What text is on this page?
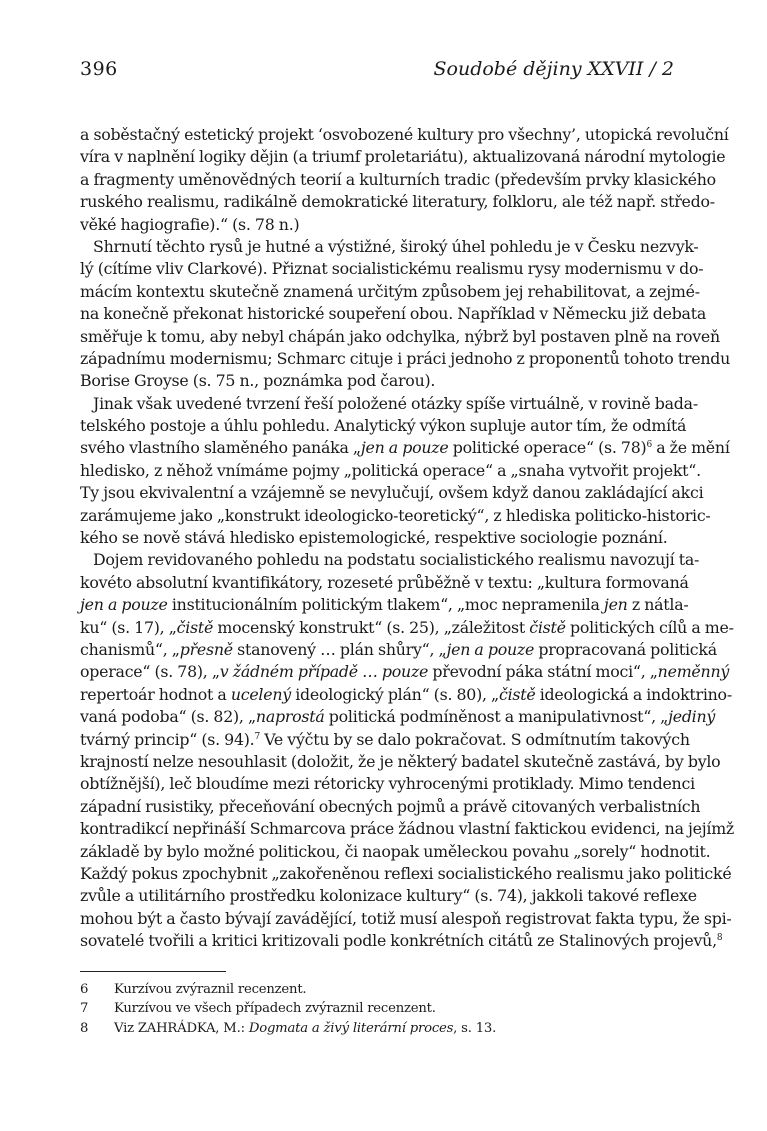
396	Soudobé dějiny XXVII / 2
a soběstačný estetický projekt ‘osvobozené kultury pro všechny’, utopická revoluční
víra v naplnění logiky dějin (a triumf proletariátu), aktualizovaná národní mytologie
a fragmenty uměnovědných teorií a kulturních tradic (především prvky klasického
ruského realismu, radikálně demokratické literatury, folkloru, ale též např. středo-
věké hagiografie).“ (s. 78 n.)
Shrnutí těchto rysů je hutné a výstižné, široký úhel pohledu je v Česku nezvyk-
lý (cítíme vliv Clarkové). Přiznat socialistickému realismu rysy modernismu v do-
mácím kontextu skutečně znamená určitým způsobem jej rehabilitovat, a zejmé-
na konečně překonat historické soupeření obou. Například v Německu již debata
směřuje k tomu, aby nebyl chápán jako odchylka, nýbrž byl postaven plně na roveň
západnímu modernismu; Schmarc cituje i práci jednoho z proponentů tohoto trendu
Borise Groyse (s. 75 n., poznámka pod čarou).
Jinak však uvedené tvrzení řeší položené otázky spíše virtuálně, v rovině bada-
telského postoje a úhlu pohledu. Analytický výkon supluje autor tím, že odmítá
svého vlastního slaměného panáka „jen a pouze politické operace“ (s. 78)$^6$ a že mění
hledisko, z něhož vnímáme pojmy „politická operace“ a „snaha vytvořit projekt“.
Ty jsou ekvivalentní a vzájemně se nevylučují, ovšem když danou zakládající akci
zarámujeme jako „konstrukt ideologicko-teoretický“, z hlediska politicko-historic-
kého se nově stává hledisko epistemologické, respektive sociologie poznání.
Dojem revidovaného pohledu na podstatu socialistického realismu navozují ta-
kovéto absolutní kvantifikátory, rozeseté průběžně v textu: „kultura formovaná
jen a pouze institucionálním politickým tlakem“, „moc nepramenila jen z nátla-
ku“ (s. 17), „čistě mocenský konstrukt“ (s. 25), „záležitost čistě politických cílů a me-
chanismů“, „přesně stanovený … plán shůry“, „jen a pouze propracovaná politická
operace“ (s. 78), „v žádném případě … pouze převodní páka státní moci“, „neměnný
repertoár hodnot a ucelený ideologický plán“ (s. 80), „čistě ideologická a indoktrino-
vaná podoba“ (s. 82), „naprostá politická podmíněnost a manipulativnost“, „jediný
tvárný princip“ (s. 94).$^7$ Ve výčtu by se dalo pokračovat. S odmítnutím takových
krajností nelze nesouhlasit (doložit, že je některý badatel skutečně zastává, by bylo
obtížnější), leč bloudíme mezi rétoricky vyhrocenými protiklady. Mimo tendenci
západní rusistiky, přeceňování obecných pojmů a právě citovaných verbalistních
kontradikcí nepřináší Schmarcova práce žádnou vlastní faktickou evidenci, na jejímž
základě by bylo možné politickou, či naopak uměleckou povahu „sorely“ hodnotit.
Každý pokus zpochybnit „zakořeněnou reflexi socialistického realismu jako politické
zvůle a utilitárního prostředku kolonizace kultury“ (s. 74), jakkoli takové reflexe
mohou být a často bývají zavádějící, totiž musí alespoň registrovat fakta typu, že spi-
sovatelé tvořili a kritici kritizovali podle konkrétních citátů ze Stalinových projevů,$^8$
6 Kurzívou zvýraznil recenzent.
7 Kurzívou ve všech případech zvýraznil recenzent.
8 Viz ZAHRÁDKA, M.: Dogmata a živý literární proces, s. 13.
